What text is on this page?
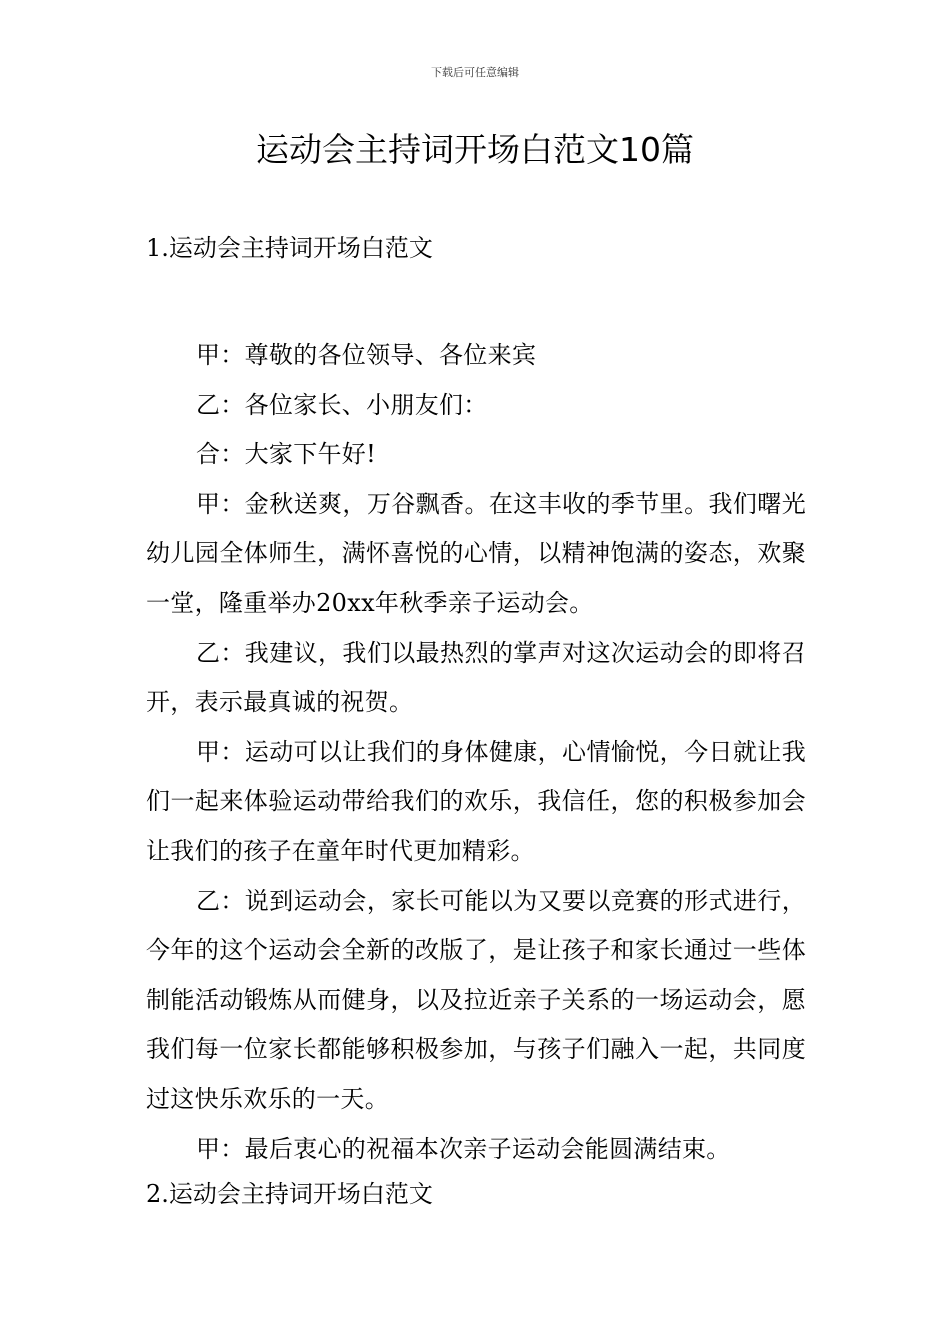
下载后可任意编辑
运动会主持词开场白范文10篇
1.运动会主持词开场白范文

甲：尊敬的各位领导、各位来宾

乙：各位家长、小朋友们：

合：大家下午好!

甲：金秋送爽，万谷飘香。在这丰收的季节里。我们曙光幼儿园全体师生，满怀喜悦的心情，以精神饱满的姿态，欢聚一堂，隆重举办20xx年秋季亲子运动会。

乙：我建议，我们以最热烈的掌声对这次运动会的即将召开，表示最真诚的祝贺。

甲：运动可以让我们的身体健康，心情愉悦，今日就让我们一起来体验运动带给我们的欢乐，我信任，您的积极参加会让我们的孩子在童年时代更加精彩。

乙：说到运动会，家长可能以为又要以竞赛的形式进行，今年的这个运动会全新的改版了，是让孩子和家长通过一些体制能活动锻炼从而健身，以及拉近亲子关系的一场运动会，愿我们每一位家长都能够积极参加，与孩子们融入一起，共同度过这快乐欢乐的一天。

甲：最后衷心的祝福本次亲子运动会能圆满结束。

2.运动会主持词开场白范文
